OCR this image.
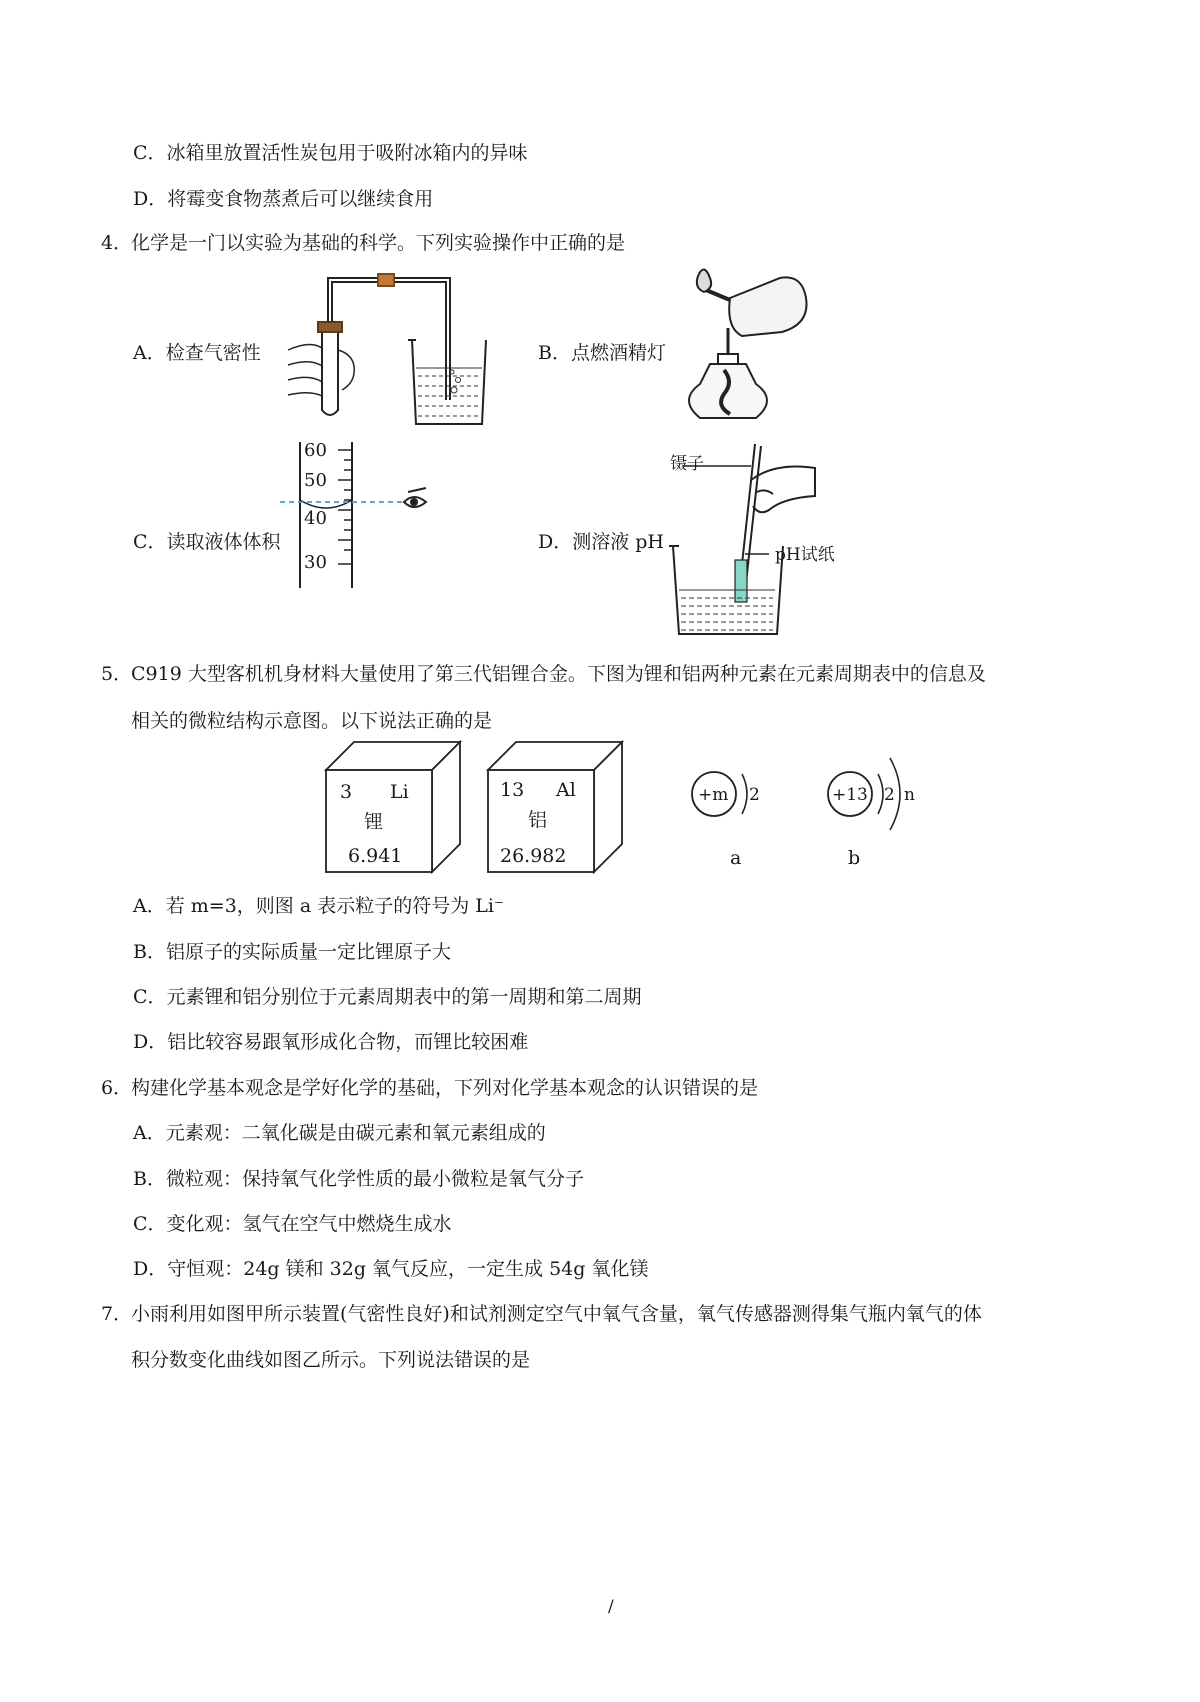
C．冰箱里放置活性炭包用于吸附冰箱内的异味
D．将霉变食物蒸煮后可以继续食用
4．
化学是一门以实验为基础的科学。下列实验操作中正确的是
A．检查气密性	B．点燃酒精灯
C．读取液体体积	D．测溶液 pH
60
50
40
30
镊子
pH试纸
5．
C919 大型客机机身材料大量使用了第三代铝锂合金。下图为锂和铝两种元素在元素周期表中的信息及
相关的微粒结构示意图。以下说法正确的是
3 Li
锂
6.941
13 Al
铝
26.982
+m 2
a
+13 2 n
b
A．若 m=3，则图 a 表示粒子的符号为 Li⁻
B．铝原子的实际质量一定比锂原子大
C．元素锂和铝分别位于元素周期表中的第一周期和第二周期
D．铝比较容易跟氧形成化合物，而锂比较困难
6．
构建化学基本观念是学好化学的基础，下列对化学基本观念的认识错误的是
A．元素观：二氧化碳是由碳元素和氧元素组成的
B．微粒观：保持氧气化学性质的最小微粒是氧气分子
C．变化观：氢气在空气中燃烧生成水
D．守恒观：24g 镁和 32g 氧气反应，一定生成 54g 氧化镁
7．
小雨利用如图甲所示装置(气密性良好)和试剂测定空气中氧气含量，氧气传感器测得集气瓶内氧气的体
积分数变化曲线如图乙所示。下列说法错误的是
/
